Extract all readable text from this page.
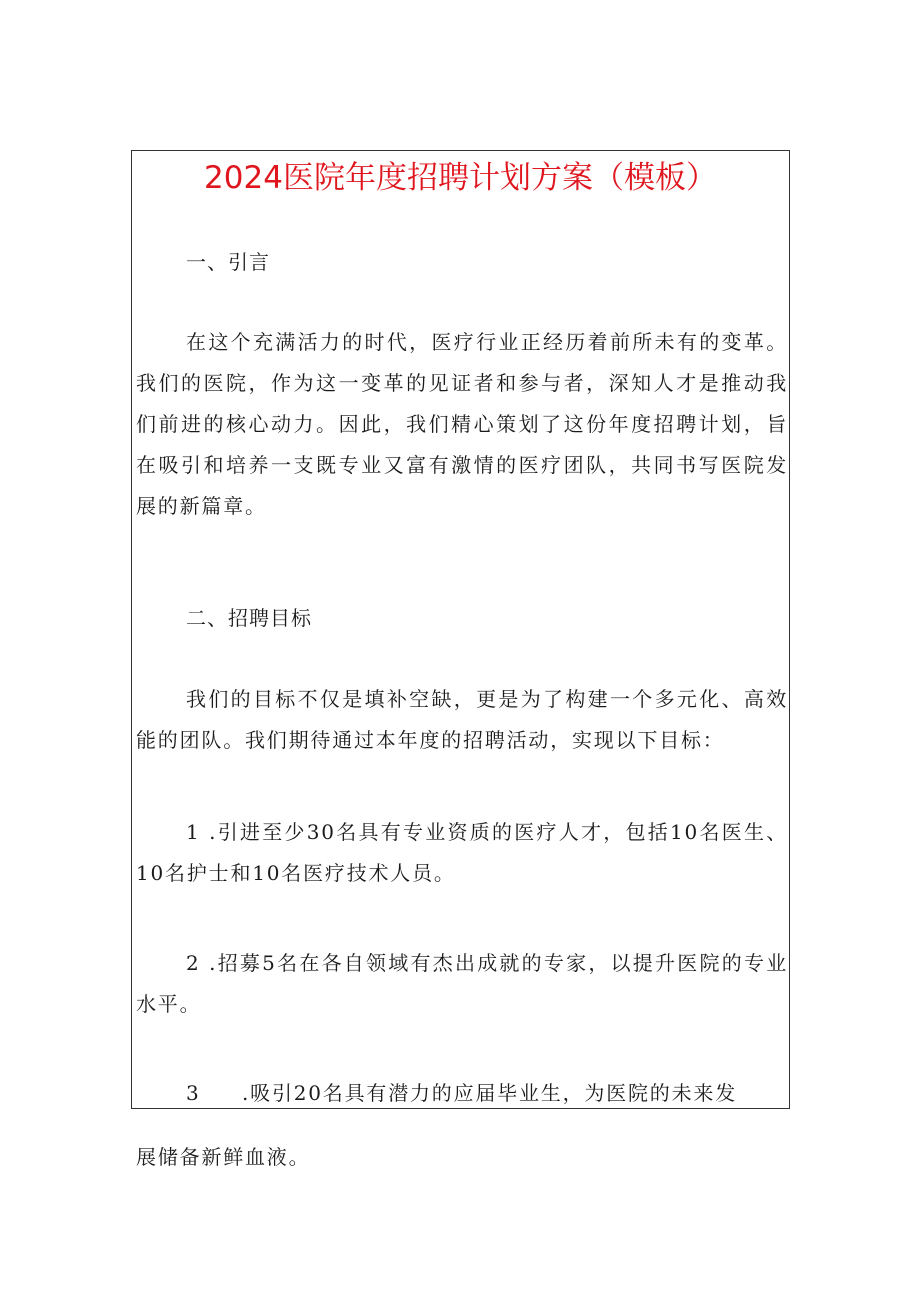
2024医院年度招聘计划方案（模板）

一、引言

在这个充满活力的时代，医疗行业正经历着前所未有的变革。我们的医院，作为这一变革的见证者和参与者，深知人才是推动我们前进的核心动力。因此，我们精心策划了这份年度招聘计划，旨在吸引和培养一支既专业又富有激情的医疗团队，共同书写医院发展的新篇章。

二、招聘目标

我们的目标不仅是填补空缺，更是为了构建一个多元化、高效能的团队。我们期待通过本年度的招聘活动，实现以下目标：

1 .引进至少30名具有专业资质的医疗人才，包括10名医生、10名护士和10名医疗技术人员。

2 .招募5名在各自领域有杰出成就的专家，以提升医院的专业水平。

3 .吸引20名具有潜力的应届毕业生，为医院的未来发

展储备新鲜血液。
